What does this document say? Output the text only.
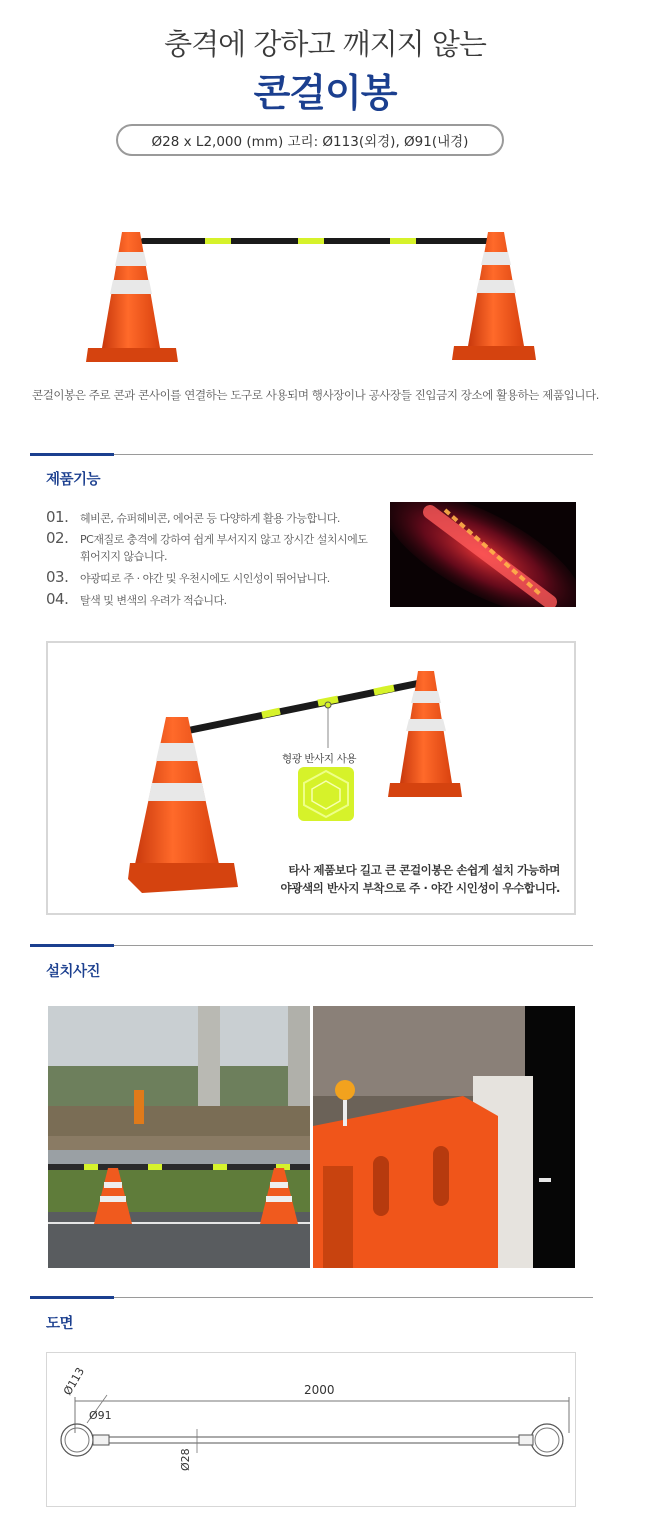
충격에 강하고 깨지지 않는
콘걸이봉
Ø28 x L2,000 (mm) 고리: Ø113(외경), Ø91(내경)
콘걸이봉은 주로 콘과 콘사이를 연결하는 도구로 사용되며 행사장이나 공사장들 진입금지 장소에 활용하는 제품입니다.
제품기능
01. 헤비콘, 슈퍼헤비콘, 에어콘 등 다양하게 활용 가능합니다.
02. PC재질로 충격에 강하여 쉽게 부서지지 않고 장시간 설치시에도 휘어지지 않습니다.
03. 야광띠로 주 · 야간 및 우천시에도 시인성이 뛰어납니다.
04. 탈색 및 변색의 우려가 적습니다.
형광 반사지 사용
타사 제품보다 길고 큰 콘걸이봉은 손쉽게 설치 가능하며
야광색의 반사지 부착으로 주 · 야간 시인성이 우수합니다.
설치사진
도면
2000
Ø113
Ø91
Ø28
